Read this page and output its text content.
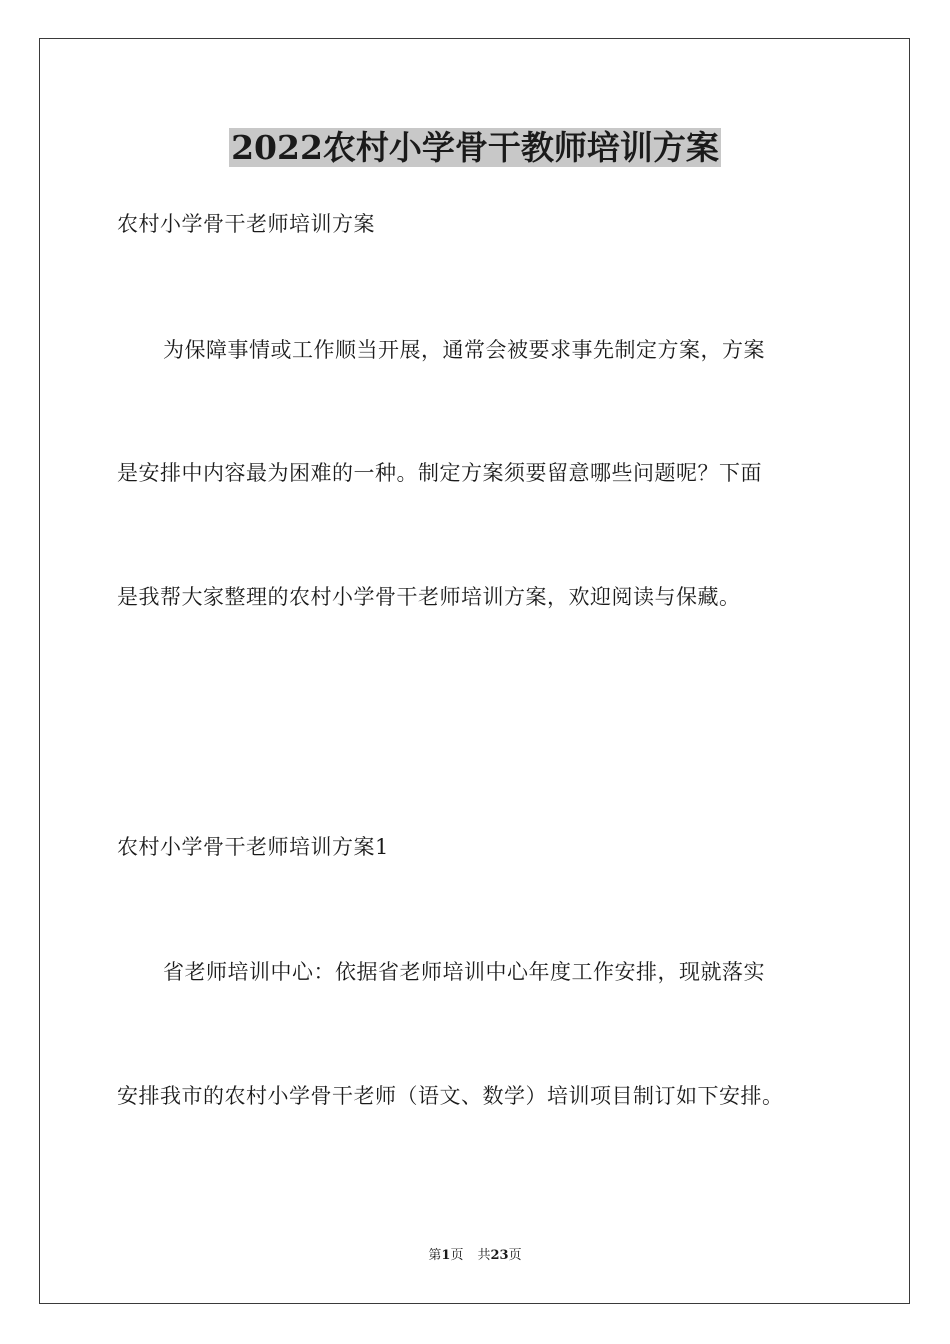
2022农村小学骨干教师培训方案
农村小学骨干老师培训方案
为保障事情或工作顺当开展，通常会被要求事先制定方案，方案
是安排中内容最为困难的一种。制定方案须要留意哪些问题呢？下面
是我帮大家整理的农村小学骨干老师培训方案，欢迎阅读与保藏。
农村小学骨干老师培训方案1
省老师培训中心：依据省老师培训中心年度工作安排，现就落实
安排我市的农村小学骨干老师（语文、数学）培训项目制订如下安排。
第1页 共23页
